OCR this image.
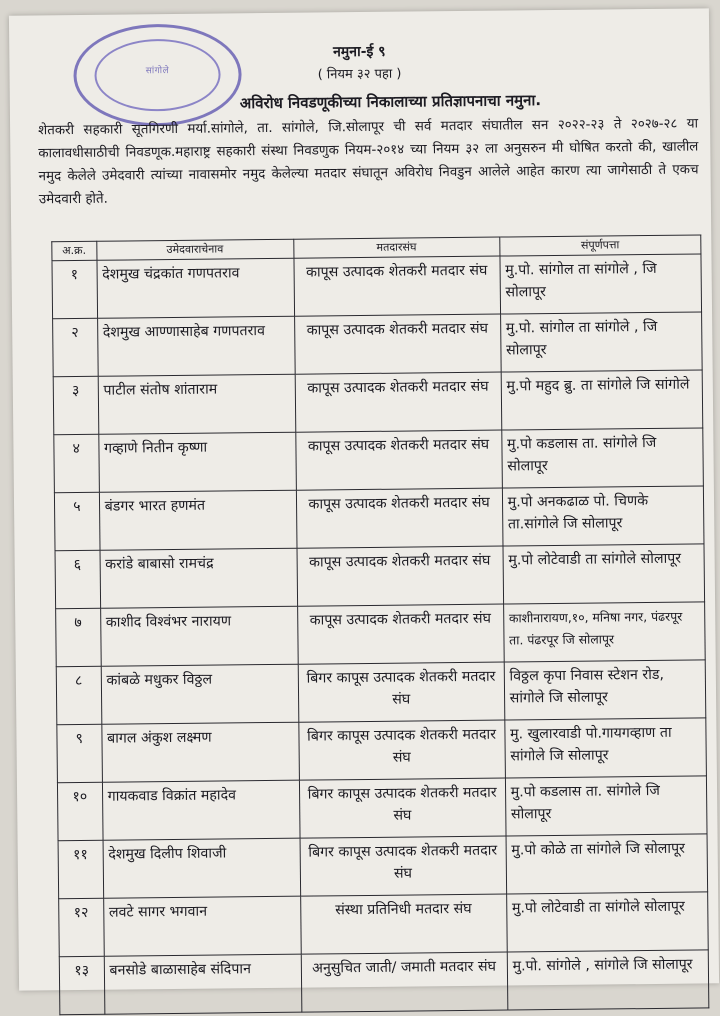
सांगोले
नमुना-ई ९
( नियम ३२ पहा )
अविरोध निवडणूकीच्या निकालाच्या प्रतिज्ञापनाचा नमुना.
शेतकरी सहकारी सूतगिरणी मर्या.सांगोले, ता. सांगोले, जि.सोलापूर ची सर्व मतदार संघातील सन २०२२-२३ ते २०२७-२८ या कालावधीसाठीची निवडणूक.महाराष्ट्र सहकारी संस्था निवडणुक नियम-२०१४ च्या नियम ३२ ला अनुसरुन मी घोषित करतो की, खालील नमुद केलेले उमेदवारी त्यांच्या नावासमोर नमुद केलेल्या मतदार संघातून अविरोध निवडुन आलेले आहेत कारण त्या जागेसाठी ते एकच उमेदवारी होते.
अ.क्र.	उमेदवाराचेनाव	मतदारसंघ	संपूर्णपत्ता
१	देशमुख चंद्रकांत गणपतराव	कापूस उत्पादक शेतकरी मतदार संघ	मु.पो. सांगोल ता सांगोले , जि सोलापूर
२	देशमुख आण्णासाहेब गणपतराव	कापूस उत्पादक शेतकरी मतदार संघ	मु.पो. सांगोल ता सांगोले , जि सोलापूर
३	पाटील संतोष शांताराम	कापूस उत्पादक शेतकरी मतदार संघ	मु.पो महुद ब्रु. ता सांगोले जि सांगोले
४	गव्हाणे नितीन कृष्णा	कापूस उत्पादक शेतकरी मतदार संघ	मु.पो कडलास ता. सांगोले जि सोलापूर
५	बंडगर भारत हणमंत	कापूस उत्पादक शेतकरी मतदार संघ	मु.पो अनकढाळ पो. चिणके ता.सांगोले जि सोलापूर
६	करांडे बाबासो रामचंद्र	कापूस उत्पादक शेतकरी मतदार संघ	मु.पो लोटेवाडी ता सांगोले सोलापूर
७	काशीद विश्वंभर नारायण	कापूस उत्पादक शेतकरी मतदार संघ	काशीनारायण,१०, मनिषा नगर, पंढरपूर ता. पंढरपूर जि सोलापूर
८	कांबळे मधुकर विठ्ठल	बिगर कापूस उत्पादक शेतकरी मतदार संघ	विठ्ठल कृपा निवास स्टेशन रोड, सांगोले जि सोलापूर
९	बागल अंकुश लक्ष्मण	बिगर कापूस उत्पादक शेतकरी मतदार संघ	मु. खुलारवाडी पो.गायगव्हाण ता सांगोले जि सोलापूर
१०	गायकवाड विक्रांत महादेव	बिगर कापूस उत्पादक शेतकरी मतदार संघ	मु.पो कडलास ता. सांगोले जि सोलापूर
११	देशमुख दिलीप शिवाजी	बिगर कापूस उत्पादक शेतकरी मतदार संघ	मु.पो कोळे ता सांगोले जि सोलापूर
१२	लवटे सागर भगवान	संस्था प्रतिनिधी मतदार संघ	मु.पो लोटेवाडी ता सांगोले सोलापूर
१३	बनसोडे बाळासाहेब संदिपान	अनुसुचित जाती/ जमाती मतदार संघ	मु.पो. सांगोले , सांगोले जि सोलापूर
